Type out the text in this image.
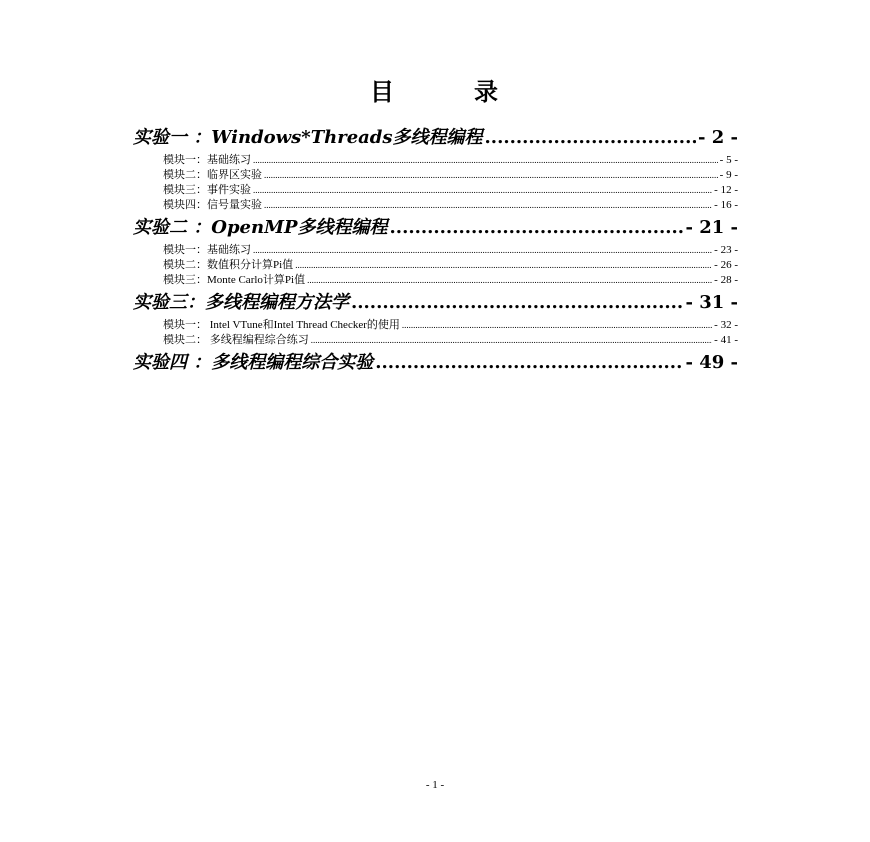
目	录
实验一 ：Windows*Threads多线程编程 .....	- 2 -
模块一：基础练习 .....	- 5 -
模块二：临界区实验 .....	- 9 -
模块三：事件实验 .....	- 12 -
模块四：信号量实验 .....	- 16 -
实验二 ：OpenMP多线程编程 .....	- 21 -
模块一：基础练习 .....	- 23 -
模块二：数值积分计算Pi值 .....	- 26 -
模块三：Monte Carlo计算Pi值 .....	- 28 -
实验三：多线程编程方法学 .....	- 31 -
模块一： Intel VTune和Intel Thread Checker的使用 .....	- 32 -
模块二： 多线程编程综合练习 .....	- 41 -
实验四 ：多线程编程综合实验 .....	- 49 -
- 1 -
